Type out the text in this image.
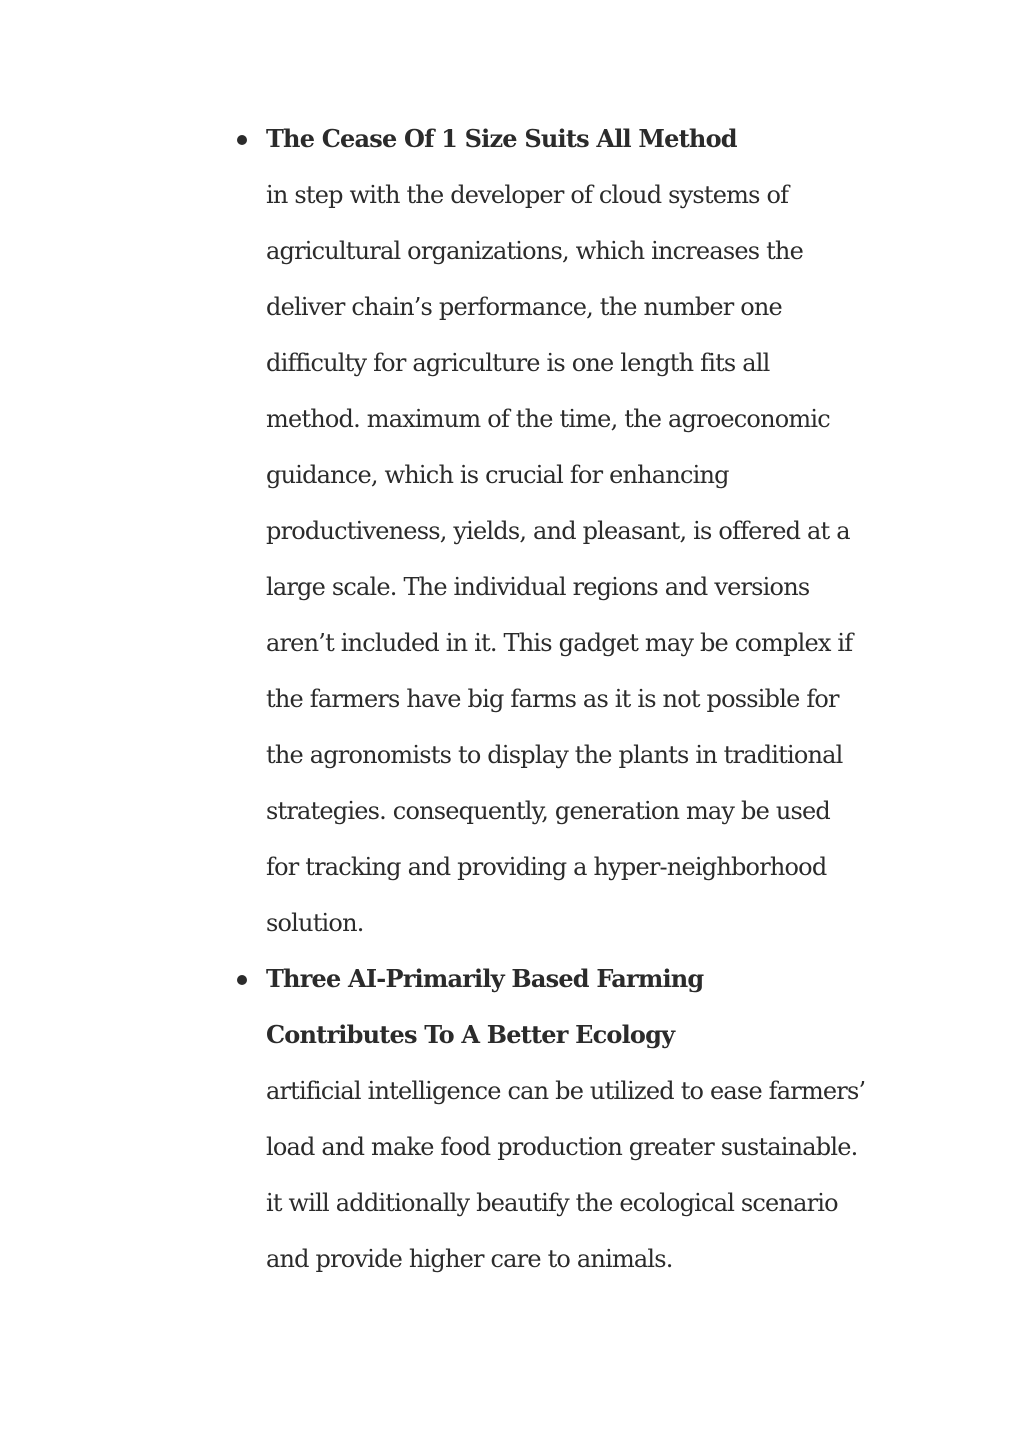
The Cease Of 1 Size Suits All Method

in step with the developer of cloud systems of
agricultural organizations, which increases the
deliver chain’s performance, the number one
difficulty for agriculture is one length fits all
method. maximum of the time, the agroeconomic
guidance, which is crucial for enhancing
productiveness, yields, and pleasant, is offered at a
large scale. The individual regions and versions
aren’t included in it. This gadget may be complex if
the farmers have big farms as it is not possible for
the agronomists to display the plants in traditional
strategies. consequently, generation may be used
for tracking and providing a hyper-neighborhood
solution.

Three AI-Primarily Based Farming
Contributes To A Better Ecology

artificial intelligence can be utilized to ease farmers’
load and make food production greater sustainable.
it will additionally beautify the ecological scenario
and provide higher care to animals.
